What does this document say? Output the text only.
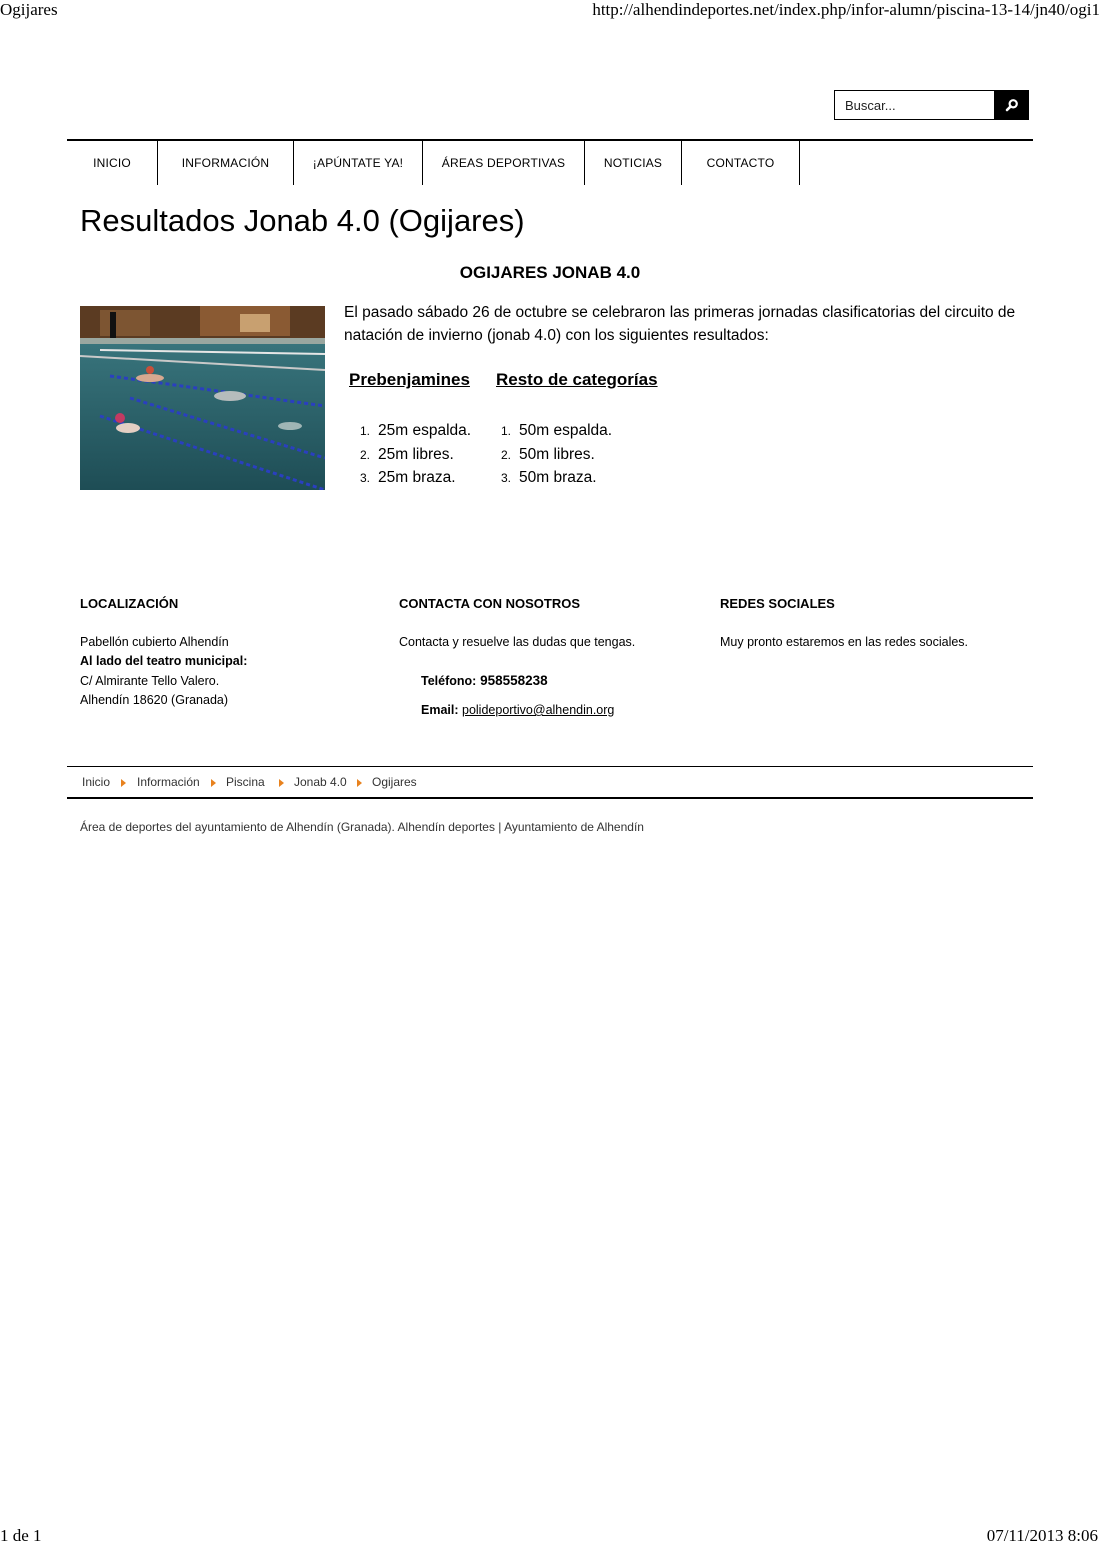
Ogijares	http://alhendindeportes.net/index.php/infor-alumn/piscina-13-14/jn40/ogi1
1 de 1	07/11/2013 8:06
Buscar...
INICIO	INFORMACIÓN	¡APÚNTATE YA!	ÁREAS DEPORTIVAS	NOTICIAS	CONTACTO
Resultados Jonab 4.0 (Ogijares)
OGIJARES JONAB 4.0

El pasado sábado 26 de octubre se celebraron las primeras jornadas clasificatorias del circuito de natación de invierno (jonab 4.0) con los siguientes resultados:

Prebenjamines Resto de categorías
1. 25m espalda.
2. 25m libres.
3. 25m braza.
1. 50m espalda.
2. 50m libres.
3. 50m braza.
LOCALIZACIÓN
Pabellón cubierto Alhendín
Al lado del teatro municipal:
C/ Almirante Tello Valero.
Alhendín 18620 (Granada)
CONTACTA CON NOSOTROS
Contacta y resuelve las dudas que tengas.
Teléfono: 958558238
Email: polideportivo@alhendin.org
REDES SOCIALES
Muy pronto estaremos en las redes sociales.
Inicio Información Piscina Jonab 4.0 Ogijares
Área de deportes del ayuntamiento de Alhendín (Granada). Alhendín deportes | Ayuntamiento de Alhendín
